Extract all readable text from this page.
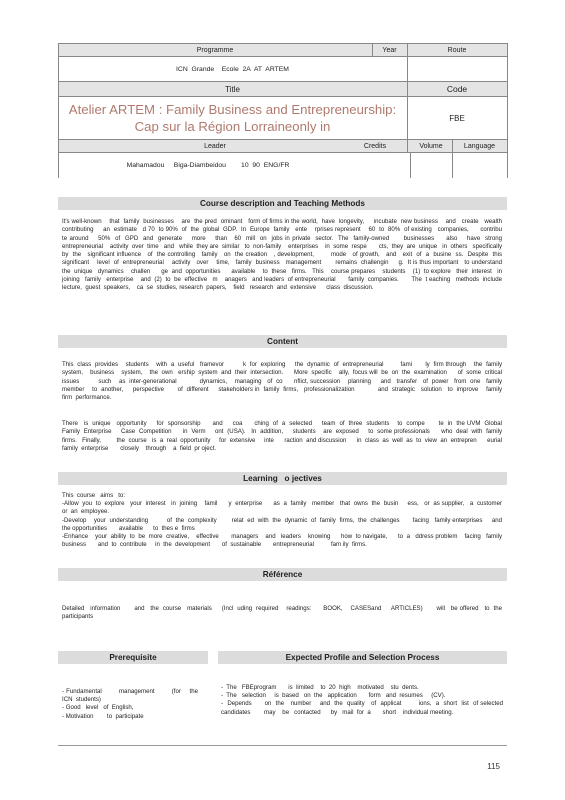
Programme	Year	Route
ICN  Grande    Ecole  2A  AT  ARTEM
Title	Code
Atelier ARTEM : Family Business and Entrepreneurship: Cap sur la Région Lorraineonly in
FBE
Leader	Credits	Volume	Language
Mahamadou     Biga-Diambeidou        10  90  ENG/FR
Course description and Teaching Methods
It's well-known    that  family  businesses    are  the pred  ominant   form of firms in the world,  have  longevity,     incubate  new business    and   create   wealth   contributing     an  estimate   d 70  to 90%  of  the  global  GDP.  In  Europe  family   ente    rprises represent    60  to  80%  of existing   companies,      contribu     te around    50%  of  GPD  and  generate    more    than   60  mill  on  jobs in private  sector.  The  family-owned      businesses     also    have  strong  entrepreneurial    activity  over  time   and   while  they are  similar   to  non-family    enterprises    in  some  respe       cts,  they  are  unique   in  others   specifically    by  the   significant influence   of  the controlling   family   on  the creation   , development,        mode   of growth,   and   exit  of  a  busine  ss.  Despite  this significant    level  of  entrepreneurial    activity   over    time,   family  business   management       remains  challengin     g.  It is thus important   to understand     the  unique   dynamics    challen      ge  and  opportunities      available    to  these   firms.   This    course prepares    students    (1)  to explore   their  interest   in   joining   family   enterprise    and  (2)  to  be  effective   m    anagers   and leaders  of entrepreneurial       family  companies.       The  t eaching   methods  include   lecture,  guest  speakers,    ca  se  studies, research  papers,    field   research  and  extensive      class  discussion.
Content
This  class  provides    students    with  a  useful   framevor          k  for  exploring     the  dynamic  of  entrepreneurial         fami       ly  firm through    the  family  system,    business    system,    the  own   ership  system  and  their  intersection.      More  specific    ally,  focus will  be  on  the  examination      of  some  critical  issues          such    as  inter-generational            dynamics,    managing   of  co      nflict, succession    planning     and   transfer   of  power   from  one   family   member    to  another,     perspective       of  different     stakeholders in  family  firms,   professionalization            and  strategic   solution   to  improve    family   firm  performance.
There   is  unique   opportunity     for  sponsorship      and     coa      ching  of  a  selected     team  of  three  students    to  compe       te  in  the UVM  Global  Family  Enterprise     Case  Competition      in  Verm     ont  (USA).   In  addition,     students    are  exposed     to  some professionals      who  deal  with  family  firms.   Finally,         the  course   is  a  real  opportunity     for  extensive     inte      raction  and discussion      in  class  as  well  as  to  view  an  entrepren      eurial  family  enterprise       closely    through    a  field  pr oject.
Learning   o jectives
This  course   aims   to:
-Allow  you  to  explore   your  interest   in  joining    famil      y  enterprise      as  a  family   member   that  owns  the  busin     ess,   or  as supplier,   a  customer      or  an  employee.
-Develop    your  understanding          of  the  complexity        relat  ed  with  the  dynamic  of  family  firms,  the  challenges       facing   family enterprises     and   the opportunities       available      to  thes e  firms
-Enhance    your  ability  to  be  more  creative,    effective       managers    and   leaders    knowing      how  to navigate,      to  a   ddress problem    facing   family   business       and  to  contribute     in  the  development       of  sustainable       entrepreneurial          fam ily  firms.
Référence
Detailed   information       and   the  course   materials     (Incl  uding  required    readings:      BOOK,    CASESand     ARTICLES)       will   be offered   to  the  participants
Prerequisite	Expected Profile and Selection Process
- Fundamental        management        (for    the ICN  students)
- Good   level   of  English,
- Motivation        to  participate
-  The   FBEprogram       is  limited    to  20  high    motivated    stu  dents.
-  The   selection     is  based   on  the   application       form   and  resumes     (CV).
-  Depends      on  the   number    and  the  quality   of  applicat        ions,  a  short  list  of selected    candidates        may    be   contacted      by   mail  for  a       short    individual meeting.
115
